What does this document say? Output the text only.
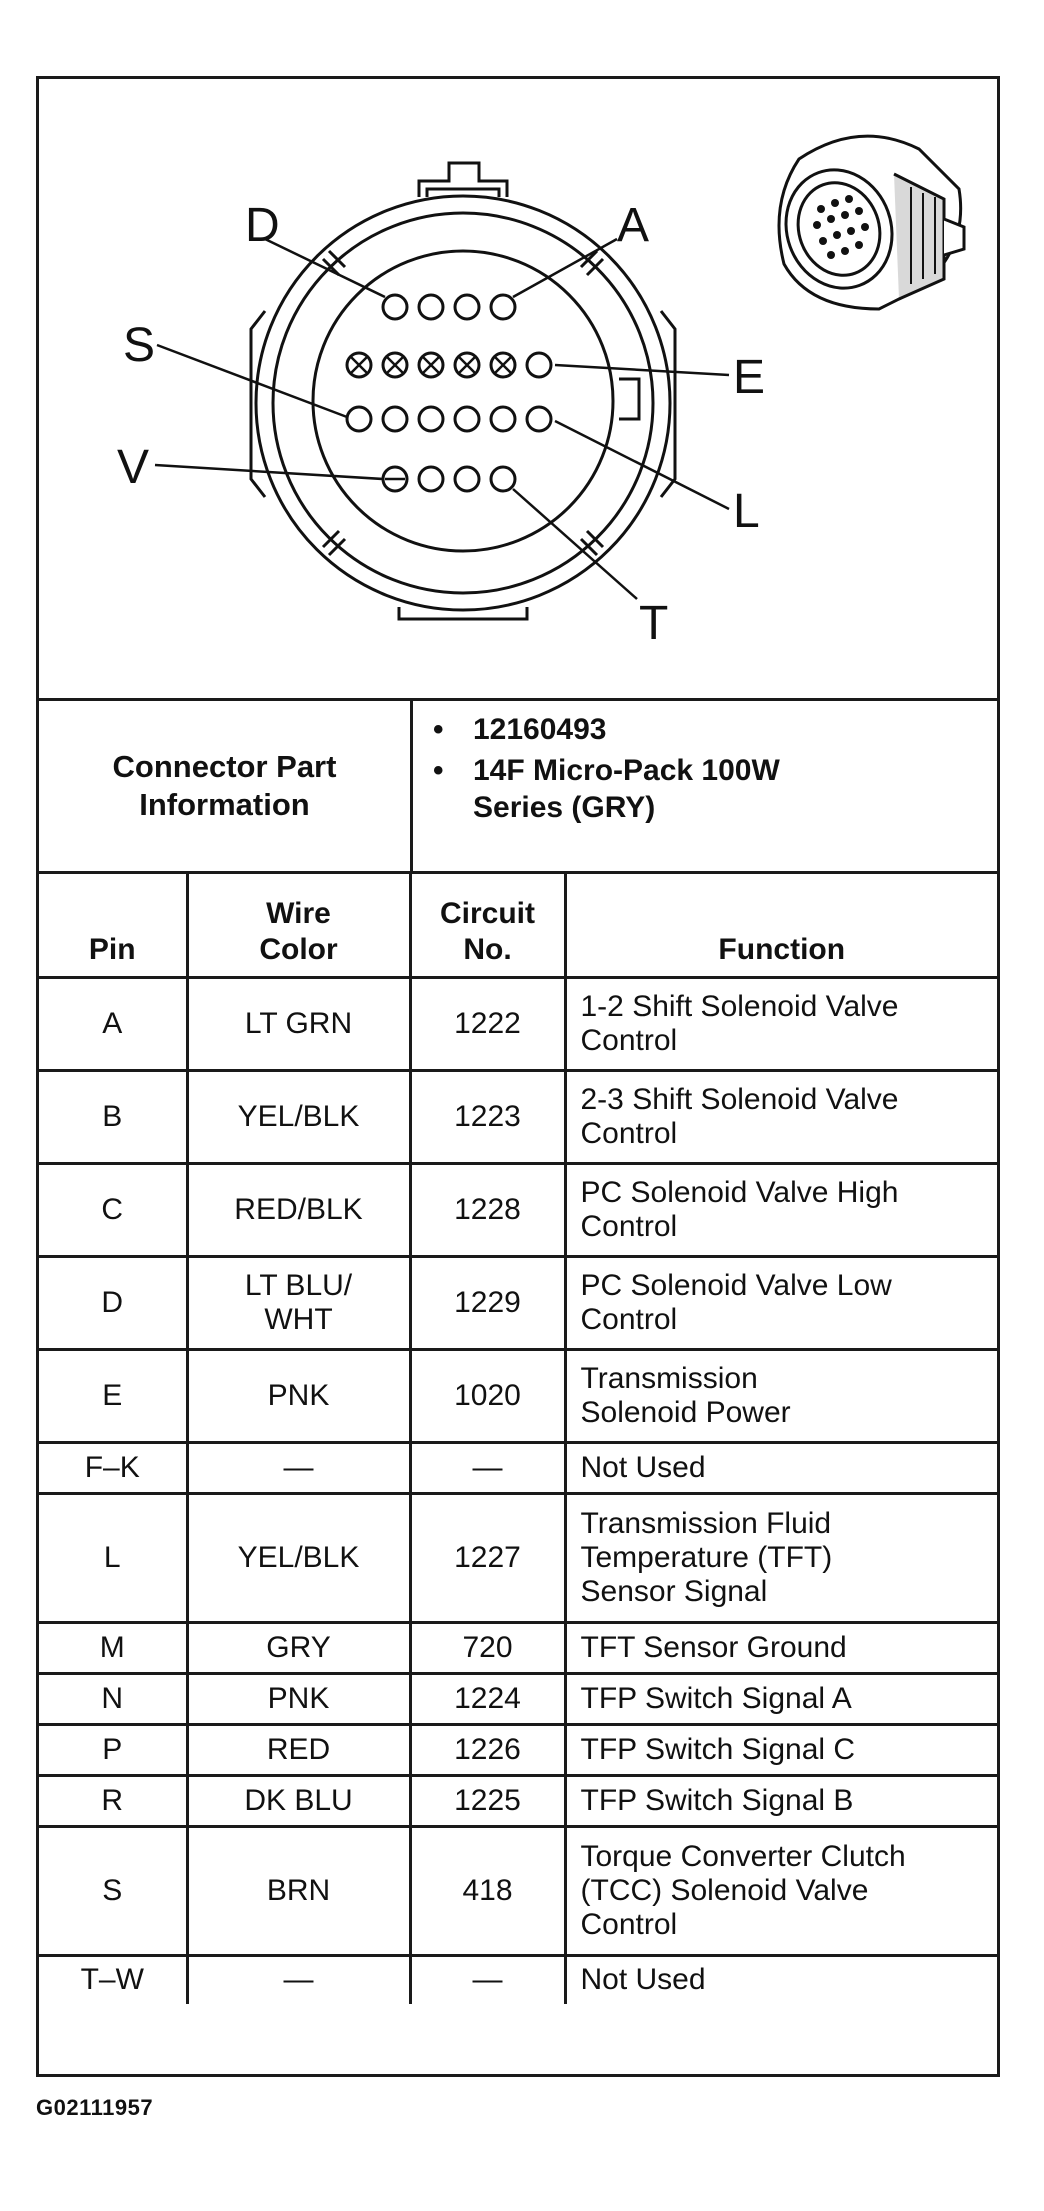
D	A
S
E
V
L
T
Connector Part Information
• 12160493
• 14F Micro-Pack 100W Series (GRY)
Pin	Wire Color	Circuit No.	Function
A	LT GRN	1222	1-2 Shift Solenoid Valve Control
B	YEL/BLK	1223	2-3 Shift Solenoid Valve Control
C	RED/BLK	1228	PC Solenoid Valve High Control
D	LT BLU/ WHT	1229	PC Solenoid Valve Low Control
E	PNK	1020	Transmission Solenoid Power
F–K	—	—	Not Used
L	YEL/BLK	1227	Transmission Fluid Temperature (TFT) Sensor Signal
M	GRY	720	TFT Sensor Ground
N	PNK	1224	TFP Switch Signal A
P	RED	1226	TFP Switch Signal C
R	DK BLU	1225	TFP Switch Signal B
S	BRN	418	Torque Converter Clutch (TCC) Solenoid Valve Control
T–W	—	—	Not Used
G02111957
